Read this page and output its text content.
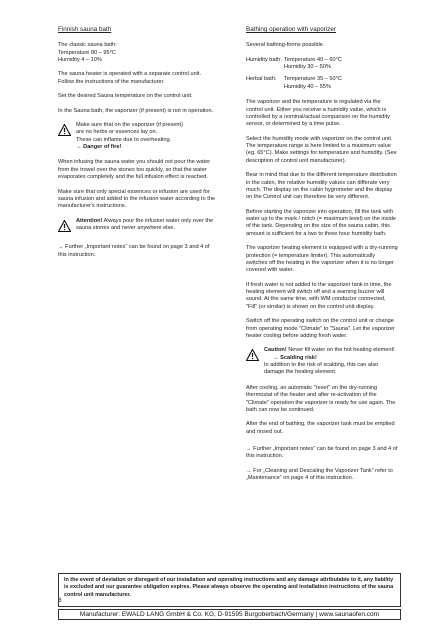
Finnish sauna bath

The classic sauna bath:
Temperature 80 – 95°C
Humidity 4 – 10%

The sauna heater is operated with a separate control unit. Follow the instructions of the manufacturer.

Set the desired Sauna temperature on the control unit.

In the Sauna bath, the vaporizer (if present) is not in operation.

Make sure that on the vaporizer (if present)
are no herbs or essences lay on.
These can inflame due to overheating.
→ Danger of fire!

When infusing the sauna water you should not pour the water from the trowel over the stones too quickly, so that the water evaporates completely and the full infusion effect is reached.

Make sure that only special essences or infusion are used for sauna infusion and added to the infusion water according to the manufacturer's instructions.

Attention! Always pour the infusion water only over the sauna stones and never anywhere else.

→ Further „Important notes“ can be found on page 3 and 4 of this instruction.

Bathing operation with vaporizer

Several bathing-forms possible.

Humidity bath: Temperature 40 – 60°C
Humidity 30 – 50%
Herbal bath:	Temperature 35 – 50°C
Humidity 40 – 55%

The vaporizer and the temperature is regulated via the control unit. Either you receive a humidity value, which is controlled by a nominal/actual comparison on the humidity sensor, or determined by a time pulse.

Select the humidity mode with vaporizer on the control unit. The temperature range is here limited to a maximum value (eg. 65°C). Make settings for temperature and humidity. (See description of control unit manufacturer).

Bear in mind that due to the different temperature distribution in the cabin, the relative humidity values can differate very much. The display on the cabin hygrometer and the display on the Control unit can therefore be very different.

Before starting the vaporizer into operation, fill the tank with water up to the mark / notch (= maximum level) on the inside of the tank. Depending on the size of the sauna cabin, this amount is sufficient for a two to three hour humidity bath.

The vaporizer heating element is equipped with a dry-running protection (= temperature limiter). This automatically switches off the heating in the vaporizer when it is no longer covered with water.

If fresh water is not added to the vaporizer tank in time, the heating element will switch off and a warning buzzer will sound. At the same time, with WM conductor connected, "Fill" (or similar) is shown on the control unit display.

Switch off the operating switch on the control unit or change from operating mode "Climate" to "Sauna". Let the vaporizer heater cooling before adding fresh water.

Caution! Never fill water on the hot heating element!
→ Scalding risk!
In addition to the risk of scalding, this can also damage the heating element.

After cooling, an automatic "reset" on the dry-running thermostat of the heater and after re-activation of the "Climate" operation the vaporizer is ready for use again. The bath can now be continued.

After the end of bathing, the vaporizer tank must be emptied and rinsed out.

→ Further „Important notes“ can be found on page 3 and 4 of this instruction.

→ For „Cleaning and Descaling the Vaporizer Tank“ refer to „Maintenance“ on page 4 of this instruction.

In the event of deviation or disregard of our installation and operating instructions and any damage attributable to it, any liability is excluded and our guarantee obligation expires. Please always observe the operating and installation instructions of the sauna control unit manufacturer.
8
Manufacturer: EWALD LANG GmbH & Co. KG, D-91595 Burgoberbach/Germany | www.saunaofen.com
